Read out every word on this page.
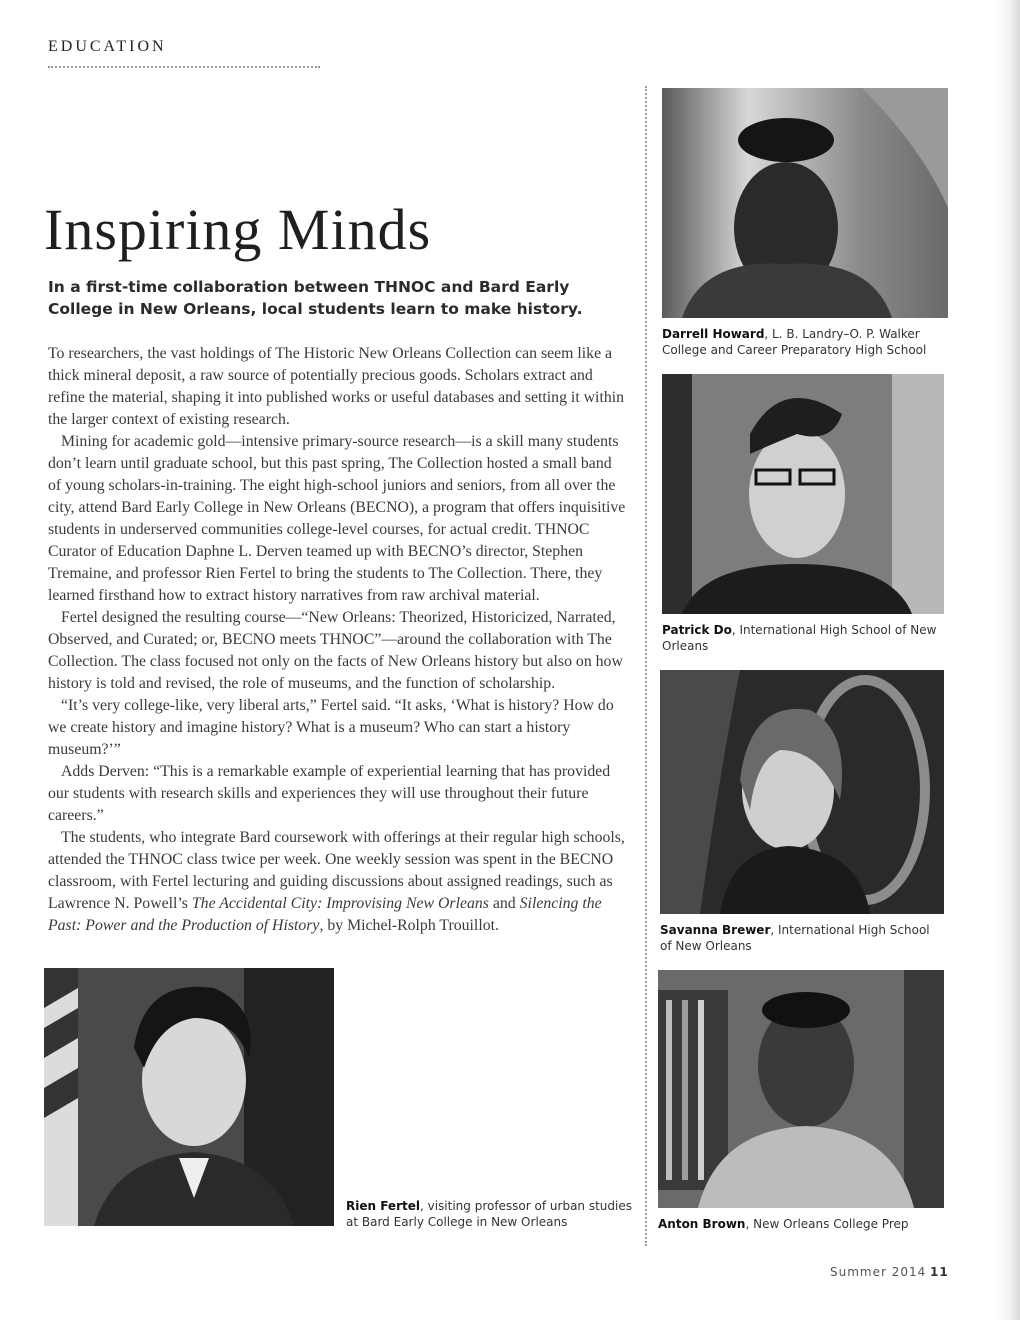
EDUCATION
Inspiring Minds

In a first-time collaboration between THNOC and Bard Early College in New Orleans, local students learn to make history.

To researchers, the vast holdings of The Historic New Orleans Collection can seem like a thick mineral deposit, a raw source of potentially precious goods. Scholars extract and refine the material, shaping it into published works or useful databases and setting it within the larger context of existing research.

Mining for academic gold—intensive primary-source research—is a skill many students don’t learn until graduate school, but this past spring, The Collection hosted a small band of young scholars-in-training. The eight high-school juniors and seniors, from all over the city, attend Bard Early College in New Orleans (BECNO), a program that offers inquisitive students in underserved communities college-level courses, for actual credit. THNOC Curator of Education Daphne L. Derven teamed up with BECNO’s director, Stephen Tremaine, and professor Rien Fertel to bring the students to The Collection. There, they learned firsthand how to extract history narratives from raw archival material.

Fertel designed the resulting course—“New Orleans: Theorized, Historicized, Narrated, Observed, and Curated; or, BECNO meets THNOC”—around the collaboration with The Collection. The class focused not only on the facts of New Orleans history but also on how history is told and revised, the role of museums, and the function of scholarship.

“It’s very college-like, very liberal arts,” Fertel said. “It asks, ‘What is history? How do we create history and imagine history? What is a museum? Who can start a history museum?’”

Adds Derven: “This is a remarkable example of experiential learning that has provided our students with research skills and experiences they will use throughout their future careers.”

The students, who integrate Bard coursework with offerings at their regular high schools, attended the THNOC class twice per week. One weekly session was spent in the BECNO classroom, with Fertel lecturing and guiding discussions about assigned readings, such as Lawrence N. Powell’s The Accidental City: Improvising New Orleans and Silencing the Past: Power and the Production of History, by Michel-Rolph Trouillot.

Darrell Howard, L. B. Landry–O. P. Walker College and Career Preparatory High School

Patrick Do, International High School of New Orleans

Savanna Brewer, International High School of New Orleans

Anton Brown, New Orleans College Prep

Rien Fertel, visiting professor of urban studies at Bard Early College in New Orleans

Summer 2014 11
